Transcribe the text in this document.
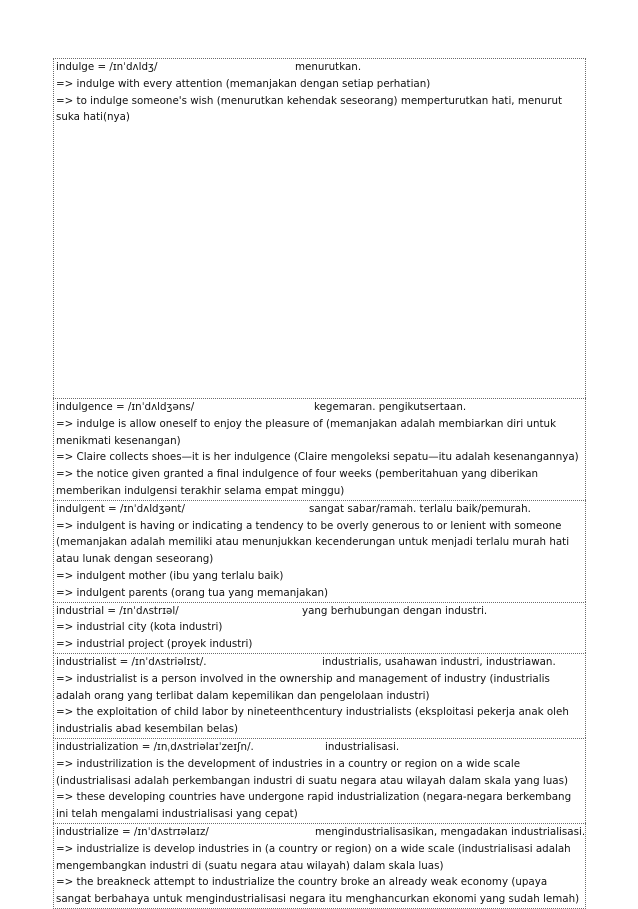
indulge = /ɪnˈdʌldʒ/	menurutkan.
=> indulge with every attention (memanjakan dengan setiap perhatian)
=> to indulge someone's wish (menurutkan kehendak seseorang) memperturutkan hati, menurut suka hati(nya)
indulgence = /ɪnˈdʌldʒəns/	kegemaran. pengikutsertaan.
=> indulge is allow oneself to enjoy the pleasure of (memanjakan adalah membiarkan diri untuk menikmati kesenangan)
=> Claire collects shoes—it is her indulgence (Claire mengoleksi sepatu—itu adalah kesenangannya)
=> the notice given granted a final indulgence of four weeks (pemberitahuan yang diberikan memberikan indulgensi terakhir selama empat minggu)
indulgent = /ɪnˈdʌldʒənt/	sangat sabar/ramah. terlalu baik/pemurah.
=> indulgent is having or indicating a tendency to be overly generous to or lenient with someone (memanjakan adalah memiliki atau menunjukkan kecenderungan untuk menjadi terlalu murah hati atau lunak dengan seseorang)
=> indulgent mother (ibu yang terlalu baik)
=> indulgent parents (orang tua yang memanjakan)
industrial = /ɪnˈdʌstrɪəl/	yang berhubungan dengan industri.
=> industrial city (kota industri)
=> industrial project (proyek industri)
industrialist = /ɪnˈdʌstriəlɪst/.	industrialis, usahawan industri, industriawan.
=> industrialist is a person involved in the ownership and management of industry (industrialis adalah orang yang terlibat dalam kepemilikan dan pengelolaan industri)
=> the exploitation of child labor by nineteenthcentury industrialists (eksploitasi pekerja anak oleh industrialis abad kesembilan belas)
industrialization = /ɪnˌdʌstriəlaɪˈzeɪʃn/.	industrialisasi.
=> industrilization is the development of industries in a country or region on a wide scale (industrialisasi adalah perkembangan industri di suatu negara atau wilayah dalam skala yang luas)
=> these developing countries have undergone rapid industrialization (negara-negara berkembang ini telah mengalami industrialisasi yang cepat)
industrialize = /ɪnˈdʌstrɪəlaɪz/	mengindustrialisasikan, mengadakan industrialisasi.
=> industrialize is develop industries in (a country or region) on a wide scale (industrialisasi adalah mengembangkan industri di (suatu negara atau wilayah) dalam skala luas)
=> the breakneck attempt to industrialize the country broke an already weak economy (upaya sangat berbahaya untuk mengindustrialisasi negara itu menghancurkan ekonomi yang sudah lemah)
